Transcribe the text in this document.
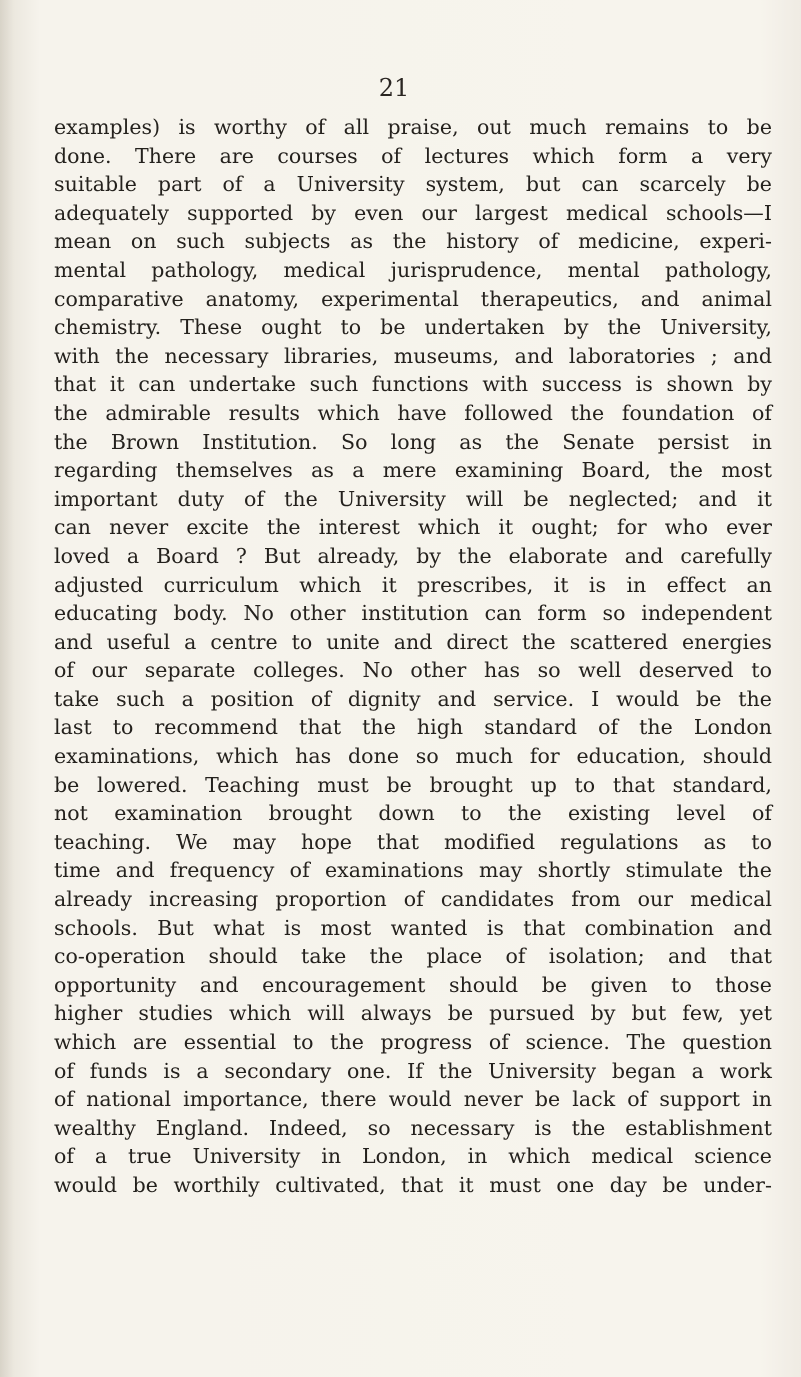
21
examples) is worthy of all praise, out much remains to be
done. There are courses of lectures which form a very
suitable part of a University system, but can scarcely be
adequately supported by even our largest medical schools—I
mean on such subjects as the history of medicine, experi-
mental pathology, medical jurisprudence, mental pathology,
comparative anatomy, experimental therapeutics, and animal
chemistry. These ought to be undertaken by the University,
with the necessary libraries, museums, and laboratories ; and
that it can undertake such functions with success is shown by
the admirable results which have followed the foundation of
the Brown Institution. So long as the Senate persist in
regarding themselves as a mere examining Board, the most
important duty of the University will be neglected; and it
can never excite the interest which it ought; for who ever
loved a Board ? But already, by the elaborate and carefully
adjusted curriculum which it prescribes, it is in effect an
educating body. No other institution can form so independent
and useful a centre to unite and direct the scattered energies
of our separate colleges. No other has so well deserved to
take such a position of dignity and service. I would be the
last to recommend that the high standard of the London
examinations, which has done so much for education, should
be lowered. Teaching must be brought up to that standard,
not examination brought down to the existing level of
teaching. We may hope that modified regulations as to
time and frequency of examinations may shortly stimulate the
already increasing proportion of candidates from our medical
schools. But what is most wanted is that combination and
co-operation should take the place of isolation; and that
opportunity and encouragement should be given to those
higher studies which will always be pursued by but few, yet
which are essential to the progress of science. The question
of funds is a secondary one. If the University began a work
of national importance, there would never be lack of support in
wealthy England. Indeed, so necessary is the establishment
of a true University in London, in which medical science
would be worthily cultivated, that it must one day be under-
